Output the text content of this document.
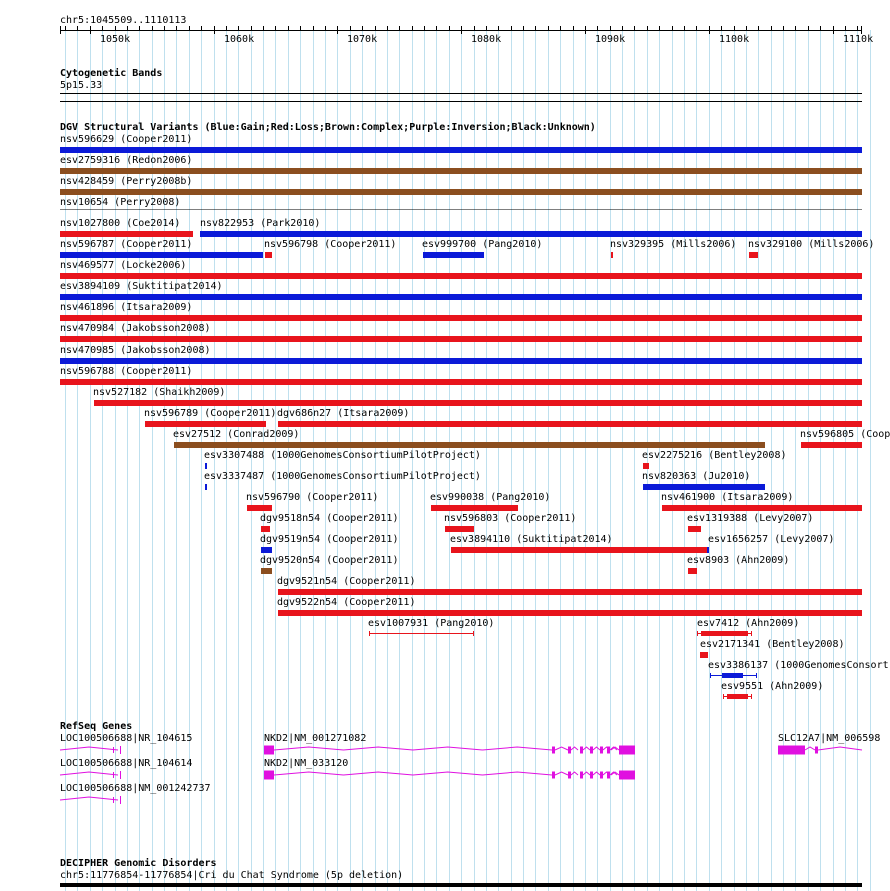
chr5:1045509..1110113
1050k	1060k	1070k	1080k	1090k	1100k	1110k
Cytogenetic Bands
5p15.33
DGV Structural Variants (Blue:Gain;Red:Loss;Brown:Complex;Purple:Inversion;Black:Unknown)
nsv596629 (Cooper2011)
esv2759316 (Redon2006)
nsv428459 (Perry2008b)
nsv10654 (Perry2008)
nsv1027800 (Coe2014) nsv822953 (Park2010)
nsv596787 (Cooper2011)	nsv596798 (Cooper2011)	esv999700 (Pang2010)	nsv329395 (Mills2006) nsv329100 (Mills2006)
nsv469577 (Locke2006)
esv3894109 (Suktitipat2014)
nsv461896 (Itsara2009)
nsv470984 (Jakobsson2008)
nsv470985 (Jakobsson2008)
nsv596788 (Cooper2011)
nsv527182 (Shaikh2009)
nsv596789 (Cooper2011) dgv686n27 (Itsara2009)
esv27512 (Conrad2009)	nsv596805 (Coop
esv3307488 (1000GenomesConsortiumPilotProject)	esv2275216 (Bentley2008)
esv3337487 (1000GenomesConsortiumPilotProject)	nsv820363 (Ju2010)
nsv596790 (Cooper2011)	esv990038 (Pang2010)	nsv461900 (Itsara2009)
dgv9518n54 (Cooper2011)	nsv596803 (Cooper2011)	esv1319388 (Levy2007)
dgv9519n54 (Cooper2011)	esv3894110 (Suktitipat2014)	esv1656257 (Levy2007)
dgv9520n54 (Cooper2011)	esv8903 (Ahn2009)
dgv9521n54 (Cooper2011)
dgv9522n54 (Cooper2011)
esv1007931 (Pang2010)	esv7412 (Ahn2009)
esv2171341 (Bentley2008)
esv3386137 (1000GenomesConsort
esv9551 (Ahn2009)
RefSeq Genes
LOC100506688|NR_104615	NKD2|NM_001271082	SLC12A7|NM_006598
LOC100506688|NR_104614	NKD2|NM_033120
LOC100506688|NM_001242737
DECIPHER Genomic Disorders
chr5:11776854-11776854|Cri du Chat Syndrome (5p deletion)
